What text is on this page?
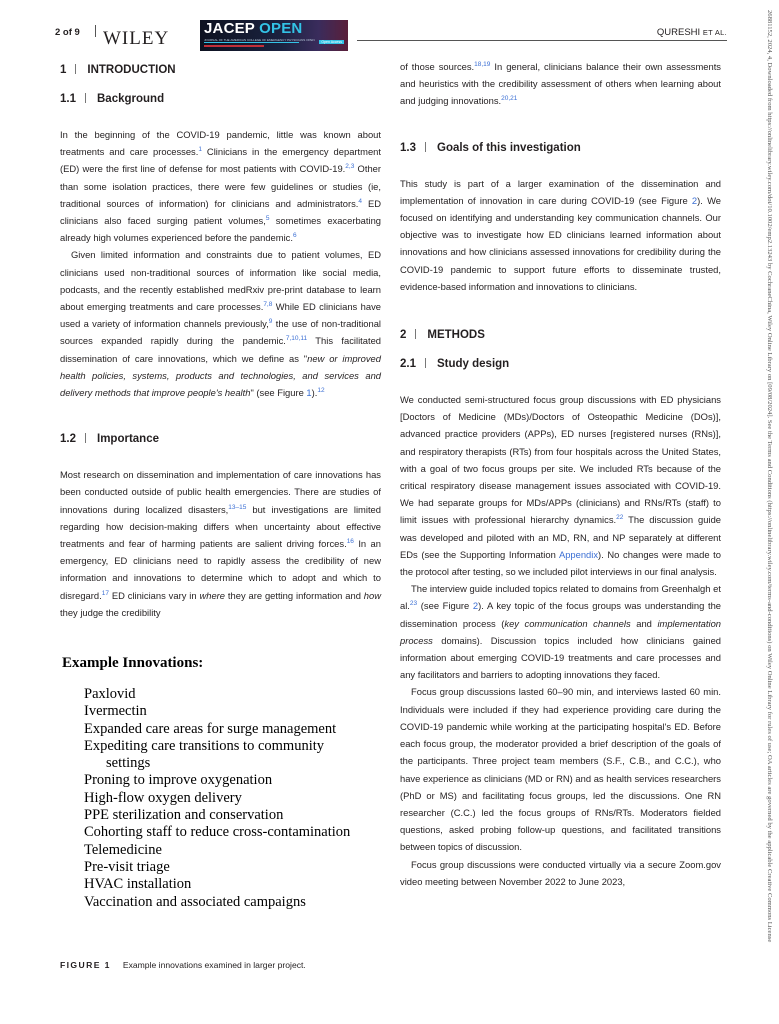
2 of 9 WILEY JACEP OPEN
JOURNAL OF THE AMERICAN COLLEGE OF EMERGENCY PHYSICIANS OPEN	Open Access
QURESHI ET AL.
1 INTRODUCTION
1.1 Background

In the beginning of the COVID-19 pandemic, little was known about treatments and care processes.$^1$ Clinicians in the emergency department (ED) were the first line of defense for most patients with COVID-19.$^{2,3}$ Other than some isolation practices, there were few guidelines or studies (ie, traditional sources of information) for clinicians and administrators.$^4$ ED clinicians also faced surging patient volumes,$^5$ sometimes exacerbating already high volumes experienced before the pandemic.$^6$

Given limited information and constraints due to patient volumes, ED clinicians used non-traditional sources of information like social media, podcasts, and the recently established medRxiv pre-print database to learn about emerging treatments and care processes.$^{7,8}$ While ED clinicians have used a variety of information channels previously,$^9$ the use of non-traditional sources expanded rapidly during the pandemic.$^{7,10,11}$ This facilitated dissemination of care innovations, which we define as "new or improved health policies, systems, products and technologies, and services and delivery methods that improve people's health" (see Figure 1).$^{12}$

1.2 Importance

Most research on dissemination and implementation of care innovations has been conducted outside of public health emergencies. There are studies of innovations during localized disasters,$^{13-15}$ but investigations are limited regarding how decision-making differs when uncertainty about effective treatments and fear of harming patients are salient driving forces.$^{16}$ In an emergency, ED clinicians need to rapidly assess the credibility of new information and innovations to determine which to adopt and which to disregard.$^{17}$ ED clinicians vary in where they are getting information and how they judge the credibility

Example Innovations:
Paxlovid
Ivermectin
Expanded care areas for surge management
Expediting care transitions to community
settings
Proning to improve oxygenation
High-flow oxygen delivery
PPE sterilization and conservation
Cohorting staff to reduce cross-contamination
Telemedicine
Pre-visit triage
HVAC installation
Vaccination and associated campaigns
FIGURE 1 Example innovations examined in larger project.

of those sources.$^{18,19}$ In general, clinicians balance their own assessments and heuristics with the credibility assessment of others when learning about and judging innovations.$^{20,21}$

1.3 Goals of this investigation

This study is part of a larger examination of the dissemination and implementation of innovation in care during COVID-19 (see Figure 2). We focused on identifying and understanding key communication channels. Our objective was to investigate how ED clinicians learned information about innovations and how clinicians assessed innovations for credibility during the COVID-19 pandemic to support future efforts to disseminate trusted, evidence-based information and innovations to clinicians.

2 METHODS
2.1 Study design

We conducted semi-structured focus group discussions with ED physicians [Doctors of Medicine (MDs)/Doctors of Osteopathic Medicine (DOs)], advanced practice providers (APPs), ED nurses [registered nurses (RNs)], and respiratory therapists (RTs) from four hospitals across the United States, with a goal of two focus groups per site. We included RTs because of the critical respiratory disease management issues associated with COVID-19. We had separate groups for MDs/APPs (clinicians) and RNs/RTs (staff) to limit issues with professional hierarchy dynamics.$^{22}$ The discussion guide was developed and piloted with an MD, RN, and NP separately at different EDs (see the Supporting Information Appendix). No changes were made to the protocol after testing, so we included pilot interviews in our final analysis.

The interview guide included topics related to domains from Greenhalgh et al.$^{23}$ (see Figure 2). A key topic of the focus groups was understanding the dissemination process (key communication channels and implementation process domains). Discussion topics included how clinicians gained information about emerging COVID-19 treatments and care processes and any facilitators and barriers to adopting innovations they faced.

Focus group discussions lasted 60–90 min, and interviews lasted 60 min. Individuals were included if they had experience providing care during the COVID-19 pandemic while working at the participating hospital's ED. Before each focus group, the moderator provided a brief description of the goals of the participants. Three project team members (S.F., C.B., and C.C.), who have experience as clinicians (MD or RN) and as health services researchers (PhD or MS) and facilitating focus groups, led the discussions. One RN researcher (C.C.) led the focus groups of RNs/RTs. Moderators fielded questions, asked probing follow-up questions, and facilitated transitions between topics of discussion.

Focus group discussions were conducted virtually via a secure Zoom.gov video meeting between November 2022 to June 2023,	26881152, 2024, 4, Downloaded from https://onlinelibrary.wiley.com/doi/10.1002/emp2.13243 by CochraneChina, Wiley Online Library on [09/08/2024]. See the Terms and Conditions (https://onlinelibrary.wiley.com/terms-and-conditions) on Wiley Online Library for rules of use; OA articles are governed by the applicable Creative Commons License
